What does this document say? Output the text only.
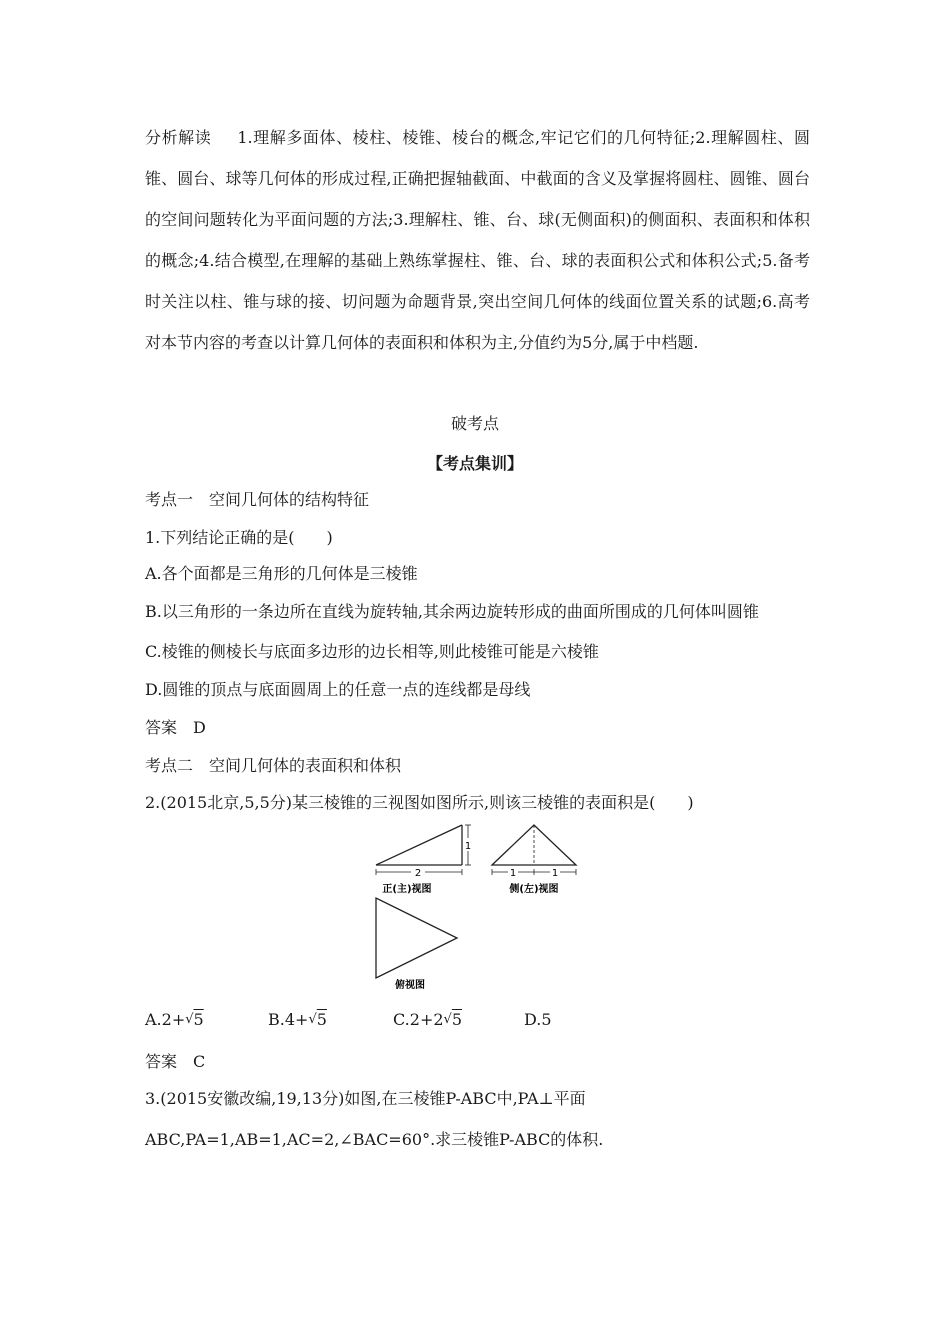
分析解读 1.理解多面体、棱柱、棱锥、棱台的概念,牢记它们的几何特征;2.理解圆柱、圆锥、圆台、球等几何体的形成过程,正确把握轴截面、中截面的含义及掌握将圆柱、圆锥、圆台的空间问题转化为平面问题的方法;3.理解柱、锥、台、球(无侧面积)的侧面积、表面积和体积的概念;4.结合模型,在理解的基础上熟练掌握柱、锥、台、球的表面积公式和体积公式;5.备考时关注以柱、锥与球的接、切问题为命题背景,突出空间几何体的线面位置关系的试题;6.高考对本节内容的考查以计算几何体的表面积和体积为主,分值约为5分,属于中档题.
破考点
【考点集训】
考点一　空间几何体的结构特征
1.下列结论正确的是(　　)
A.各个面都是三角形的几何体是三棱锥
B.以三角形的一条边所在直线为旋转轴,其余两边旋转形成的曲面所围成的几何体叫圆锥
C.棱锥的侧棱长与底面多边形的边长相等,则此棱锥可能是六棱锥
D.圆锥的顶点与底面圆周上的任意一点的连线都是母线
答案　D
考点二　空间几何体的表面积和体积
2.(2015北京,5,5分)某三棱锥的三视图如图所示,则该三棱锥的表面积是(　　)
2
1
正(主)视图
1	1
侧(左)视图
俯视图
A.2+√5	B.4+√5	C.2+2√5	D.5
答案　C
3.(2015安徽改编,19,13分)如图,在三棱锥P-ABC中,PA⊥平面
ABC,PA=1,AB=1,AC=2,∠BAC=60°.求三棱锥P-ABC的体积.
